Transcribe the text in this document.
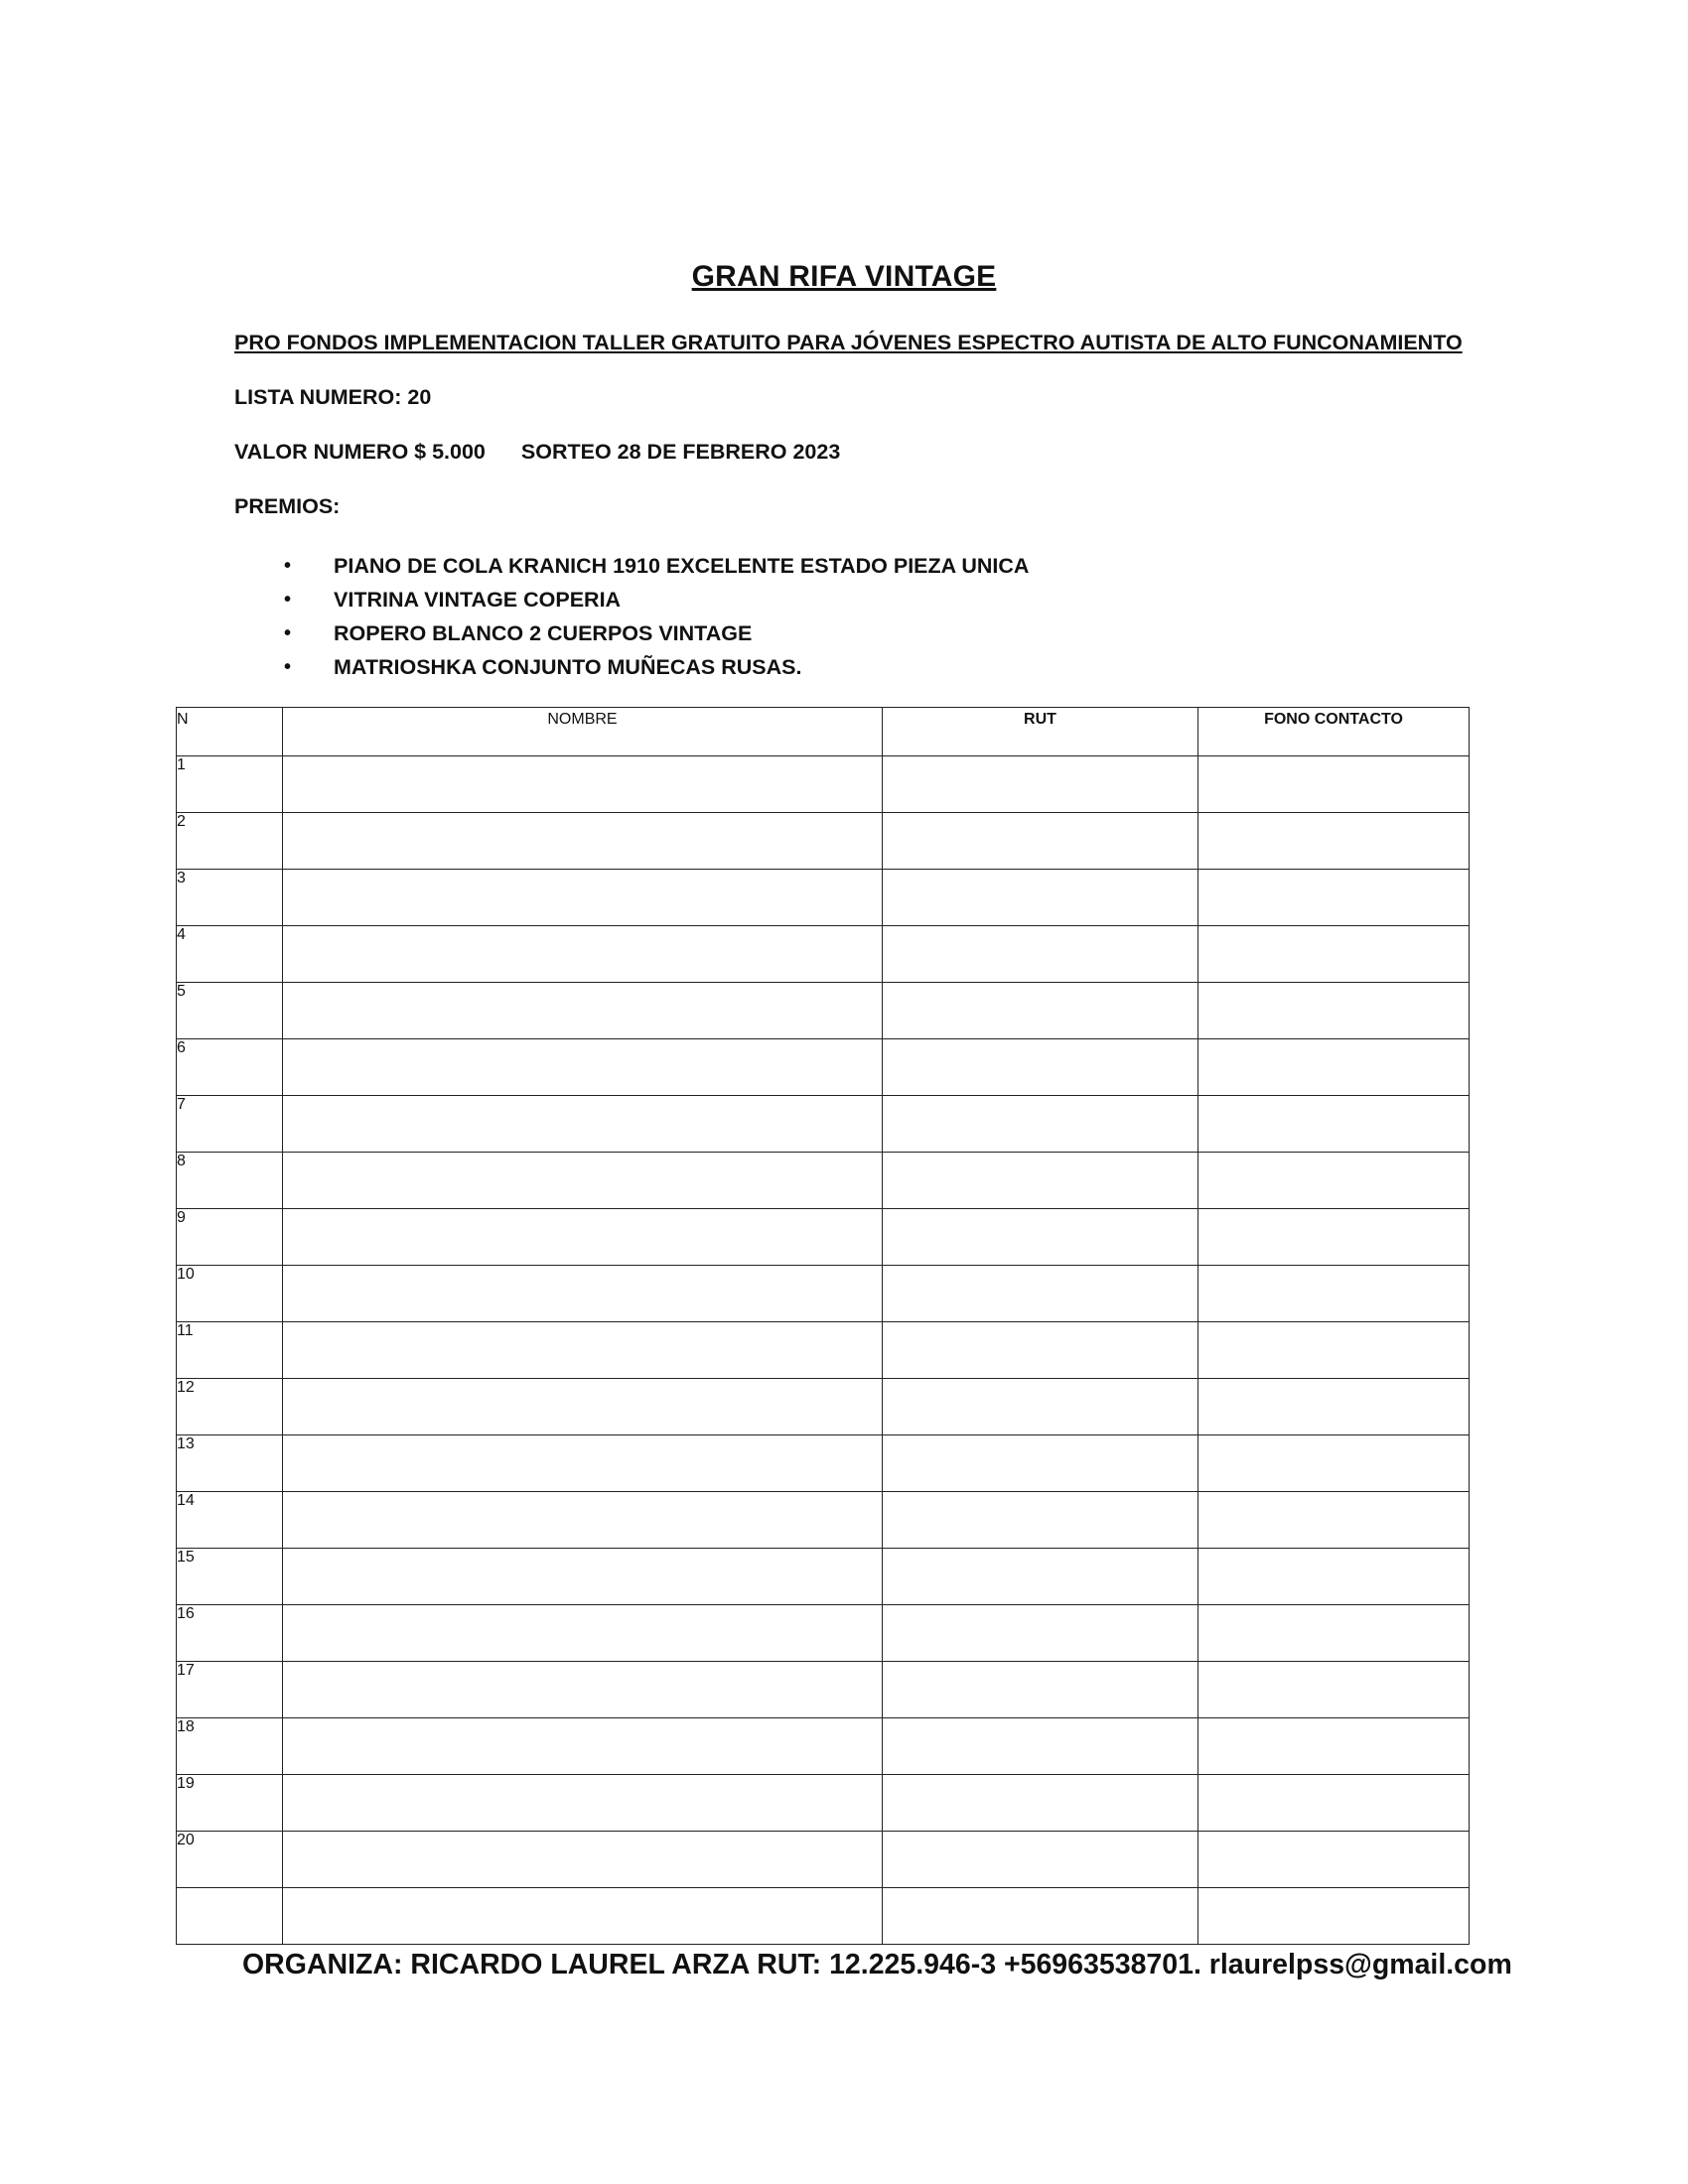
GRAN RIFA VINTAGE

PRO FONDOS IMPLEMENTACION TALLER GRATUITO PARA JÓVENES ESPECTRO AUTISTA DE ALTO FUNCONAMIENTO

LISTA NUMERO: 20

VALOR NUMERO $ 5.000 SORTEO 28 DE FEBRERO 2023

PREMIOS:

• PIANO DE COLA KRANICH 1910 EXCELENTE ESTADO PIEZA UNICA
• VITRINA VINTAGE COPERIA
• ROPERO BLANCO 2 CUERPOS VINTAGE
• MATRIOSHKA CONJUNTO MUÑECAS RUSAS.
N	NOMBRE	RUT	FONO CONTACTO
1			
2			
3			
4			
5			
6			
7			
8			
9			
10			
11			
12			
13			
14			
15			
16			
17			
18			
19			
20			

ORGANIZA: RICARDO LAUREL ARZA RUT: 12.225.946-3 +56963538701. rlaurelpss@gmail.com
